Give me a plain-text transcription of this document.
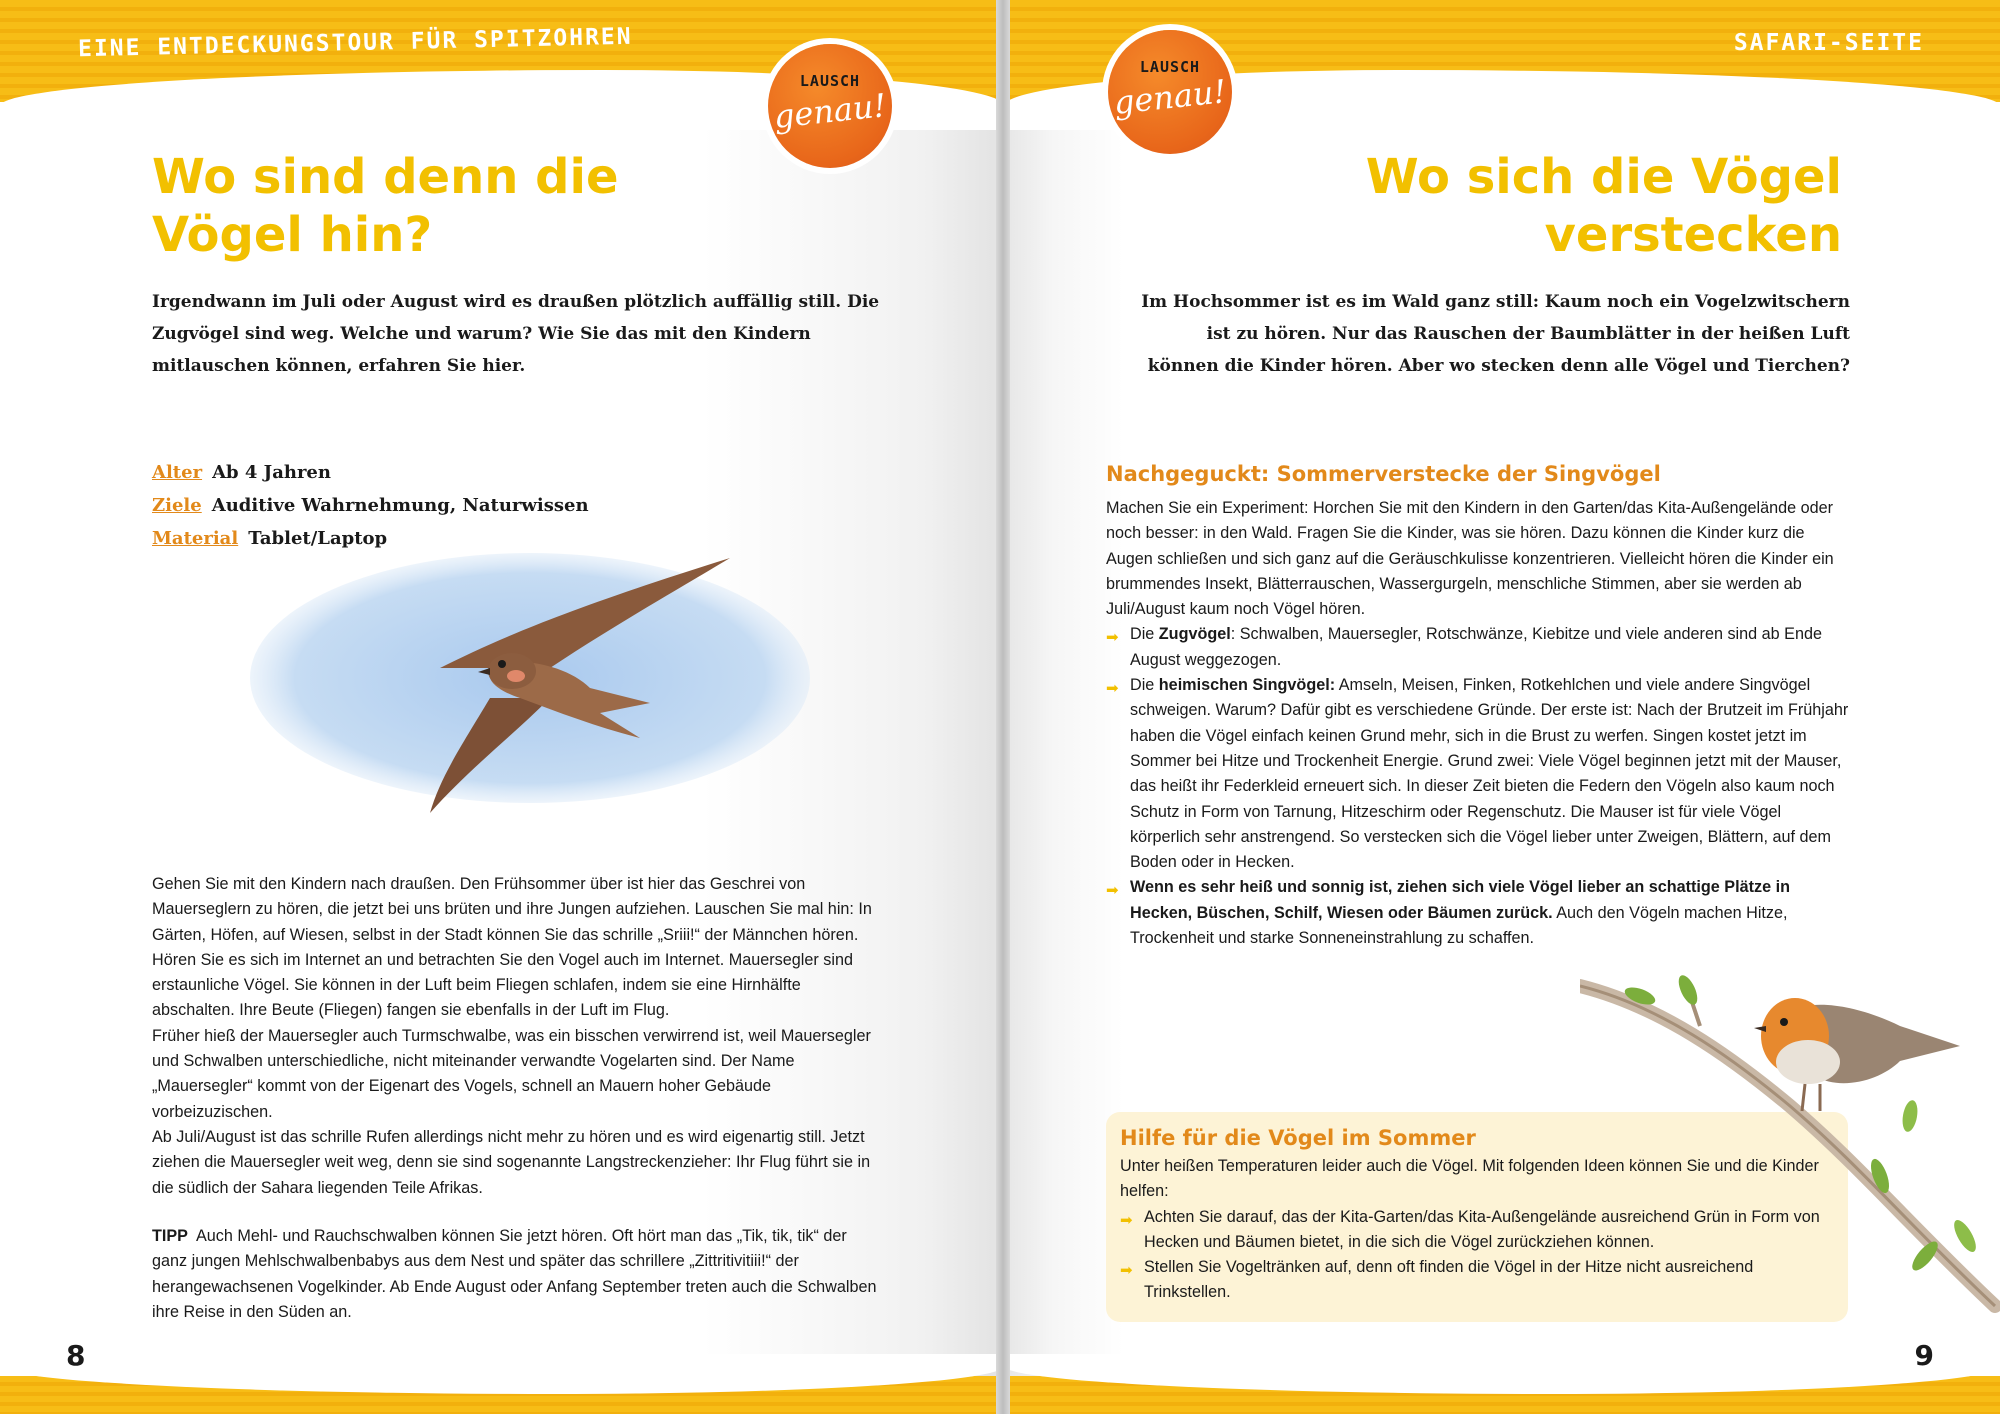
EINE ENTDECKUNGSTOUR FÜR SPITZOHREN
LAUSCH
genau!
Wo sind denn die
Vögel hin?

Irgendwann im Juli oder August wird es draußen plötzlich auffällig still. Die Zugvögel sind weg. Welche und warum? Wie Sie das mit den Kindern mitlauschen können, erfahren Sie hier.

Alter Ab 4 Jahren
Ziele Auditive Wahrnehmung, Naturwissen
Material Tablet/Laptop

Gehen Sie mit den Kindern nach draußen. Den Frühsommer über ist hier das Geschrei von Mauerseglern zu hören, die jetzt bei uns brüten und ihre Jungen aufziehen. Lauschen Sie mal hin: In Gärten, Höfen, auf Wiesen, selbst in der Stadt können Sie das schrille „Sriii!“ der Männchen hören. Hören Sie es sich im Internet an und betrachten Sie den Vogel auch im Internet. Mauersegler sind erstaunliche Vögel. Sie können in der Luft beim Fliegen schlafen, indem sie eine Hirnhälfte abschalten. Ihre Beute (Fliegen) fangen sie ebenfalls in der Luft im Flug.

Früher hieß der Mauersegler auch Turmschwalbe, was ein bisschen verwirrend ist, weil Mauersegler und Schwalben unterschiedliche, nicht miteinander verwandte Vogelarten sind. Der Name „Mauersegler“ kommt von der Eigenart des Vogels, schnell an Mauern hoher Gebäude vorbeizuzischen.

Ab Juli/August ist das schrille Rufen allerdings nicht mehr zu hören und es wird eigenartig still. Jetzt ziehen die Mauersegler weit weg, denn sie sind sogenannte Langstreckenzieher: Ihr Flug führt sie in die südlich der Sahara liegenden Teile Afrikas.

TIPP Auch Mehl- und Rauchschwalben können Sie jetzt hören. Oft hört man das „Tik, tik, tik“ der ganz jungen Mehlschwalbenbabys aus dem Nest und später das schrillere „Zittritivitiii!“ der herangewachsenen Vogelkinder. Ab Ende August oder Anfang September treten auch die Schwalben ihre Reise in den Süden an.
8
SAFARI-SEITE
LAUSCH
genau!
Wo sich die Vögel
verstecken

Im Hochsommer ist es im Wald ganz still: Kaum noch ein Vogelzwitschern ist zu hören. Nur das Rauschen der Baumblätter in der heißen Luft können die Kinder hören. Aber wo stecken denn alle Vögel und Tierchen?

Nachgeguckt: Sommerverstecke der Singvögel

Machen Sie ein Experiment: Horchen Sie mit den Kindern in den Garten/das Kita-Außengelände oder noch besser: in den Wald. Fragen Sie die Kinder, was sie hören. Dazu können die Kinder kurz die Augen schließen und sich ganz auf die Geräuschkulisse konzentrieren. Vielleicht hören die Kinder ein brummendes Insekt, Blätterrauschen, Wassergurgeln, menschliche Stimmen, aber sie werden ab Juli/August kaum noch Vögel hören.

➡ Die Zugvögel: Schwalben, Mauersegler, Rotschwänze, Kiebitze und viele anderen sind ab Ende August weggezogen.
➡ Die heimischen Singvögel: Amseln, Meisen, Finken, Rotkehlchen und viele andere Singvögel schweigen. Warum? Dafür gibt es verschiedene Gründe. Der erste ist: Nach der Brutzeit im Frühjahr haben die Vögel einfach keinen Grund mehr, sich in die Brust zu werfen. Singen kostet jetzt im Sommer bei Hitze und Trockenheit Energie. Grund zwei: Viele Vögel beginnen jetzt mit der Mauser, das heißt ihr Federkleid erneuert sich. In dieser Zeit bieten die Federn den Vögeln also kaum noch Schutz in Form von Tarnung, Hitzeschirm oder Regenschutz. Die Mauser ist für viele Vögel körperlich sehr anstrengend. So verstecken sich die Vögel lieber unter Zweigen, Blättern, auf dem Boden oder in Hecken.
➡ Wenn es sehr heiß und sonnig ist, ziehen sich viele Vögel lieber an schattige Plätze in Hecken, Büschen, Schilf, Wiesen oder Bäumen zurück. Auch den Vögeln machen Hitze, Trockenheit und starke Sonneneinstrahlung zu schaffen.
Hilfe für die Vögel im Sommer

Unter heißen Temperaturen leider auch die Vögel. Mit folgenden Ideen können Sie und die Kinder helfen:

➡ Achten Sie darauf, das der Kita-Garten/das Kita-Außengelände ausreichend Grün in Form von Hecken und Bäumen bietet, in die sich die Vögel zurückziehen können.
➡ Stellen Sie Vogeltränken auf, denn oft finden die Vögel in der Hitze nicht ausreichend Trinkstellen.
9
